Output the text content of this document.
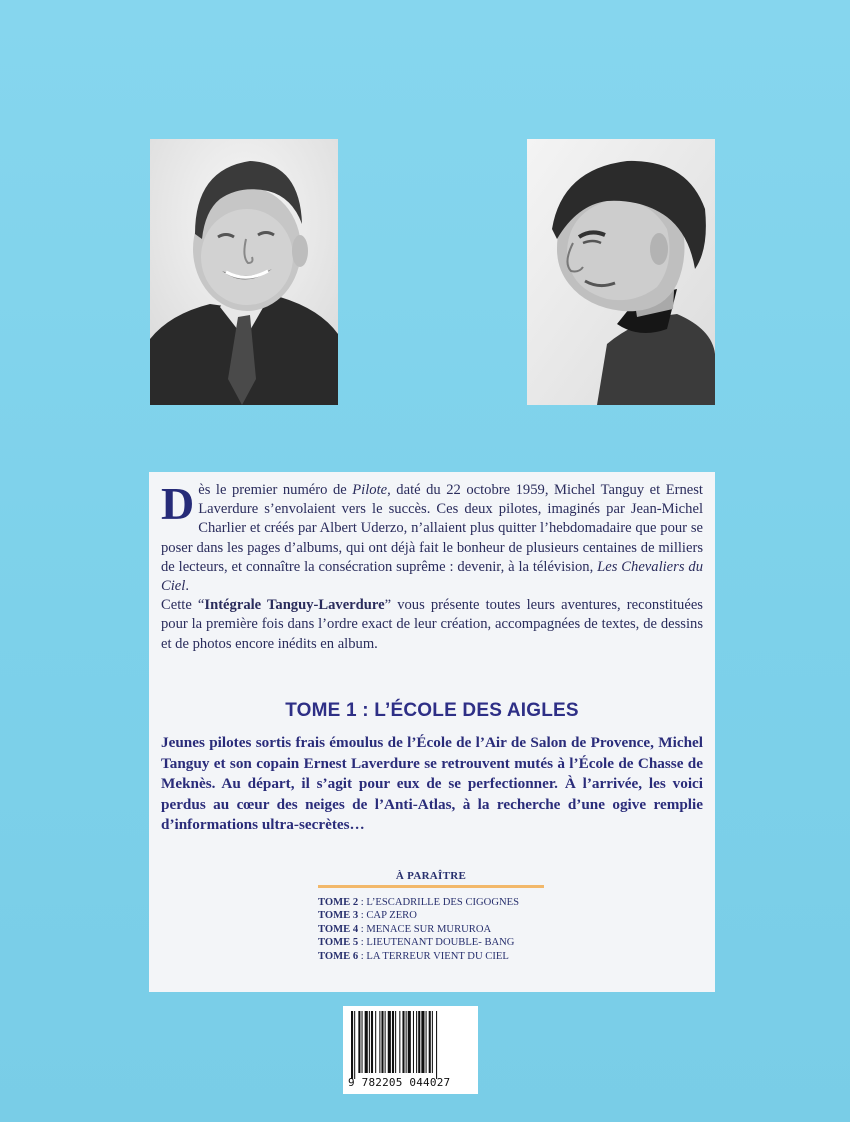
D ès le premier numéro de Pilote, daté du 22 octobre 1959, Michel Tanguy et Ernest Laverdure s’envolaient vers le succès. Ces deux pilotes, imaginés par Jean-Michel Charlier et créés par Albert Uderzo, n’allaient plus quitter l’hebdomadaire que pour se poser dans les pages d’albums, qui ont déjà fait le bonheur de plusieurs centaines de milliers de lecteurs, et connaître la consécration suprême : devenir, à la télévision, Les Chevaliers du Ciel.

Cette “Intégrale Tanguy-Laverdure” vous présente toutes leurs aventures, reconstituées pour la première fois dans l’ordre exact de leur création, accompagnées de textes, de dessins et de photos encore inédits en album.

TOME 1 : L’ÉCOLE DES AIGLES
Jeunes pilotes sortis frais émoulus de l’École de l’Air de Salon de Provence, Michel Tanguy et son copain Ernest Laverdure se retrouvent mutés à l’École de Chasse de Meknès. Au départ, il s’agit pour eux de se perfectionner. À l’arrivée, les voici perdus au cœur des neiges de l’Anti-Atlas, à la recherche d’une ogive remplie d’informations ultra-secrètes…
À PARAÎTRE
TOME 2 : L’ESCADRILLE DES CIGOGNES
TOME 3 : CAP ZERO
TOME 4 : MENACE SUR MURUROA
TOME 5 : LIEUTENANT DOUBLE- BANG
TOME 6 : LA TERREUR VIENT DU CIEL
9 782205 044027
